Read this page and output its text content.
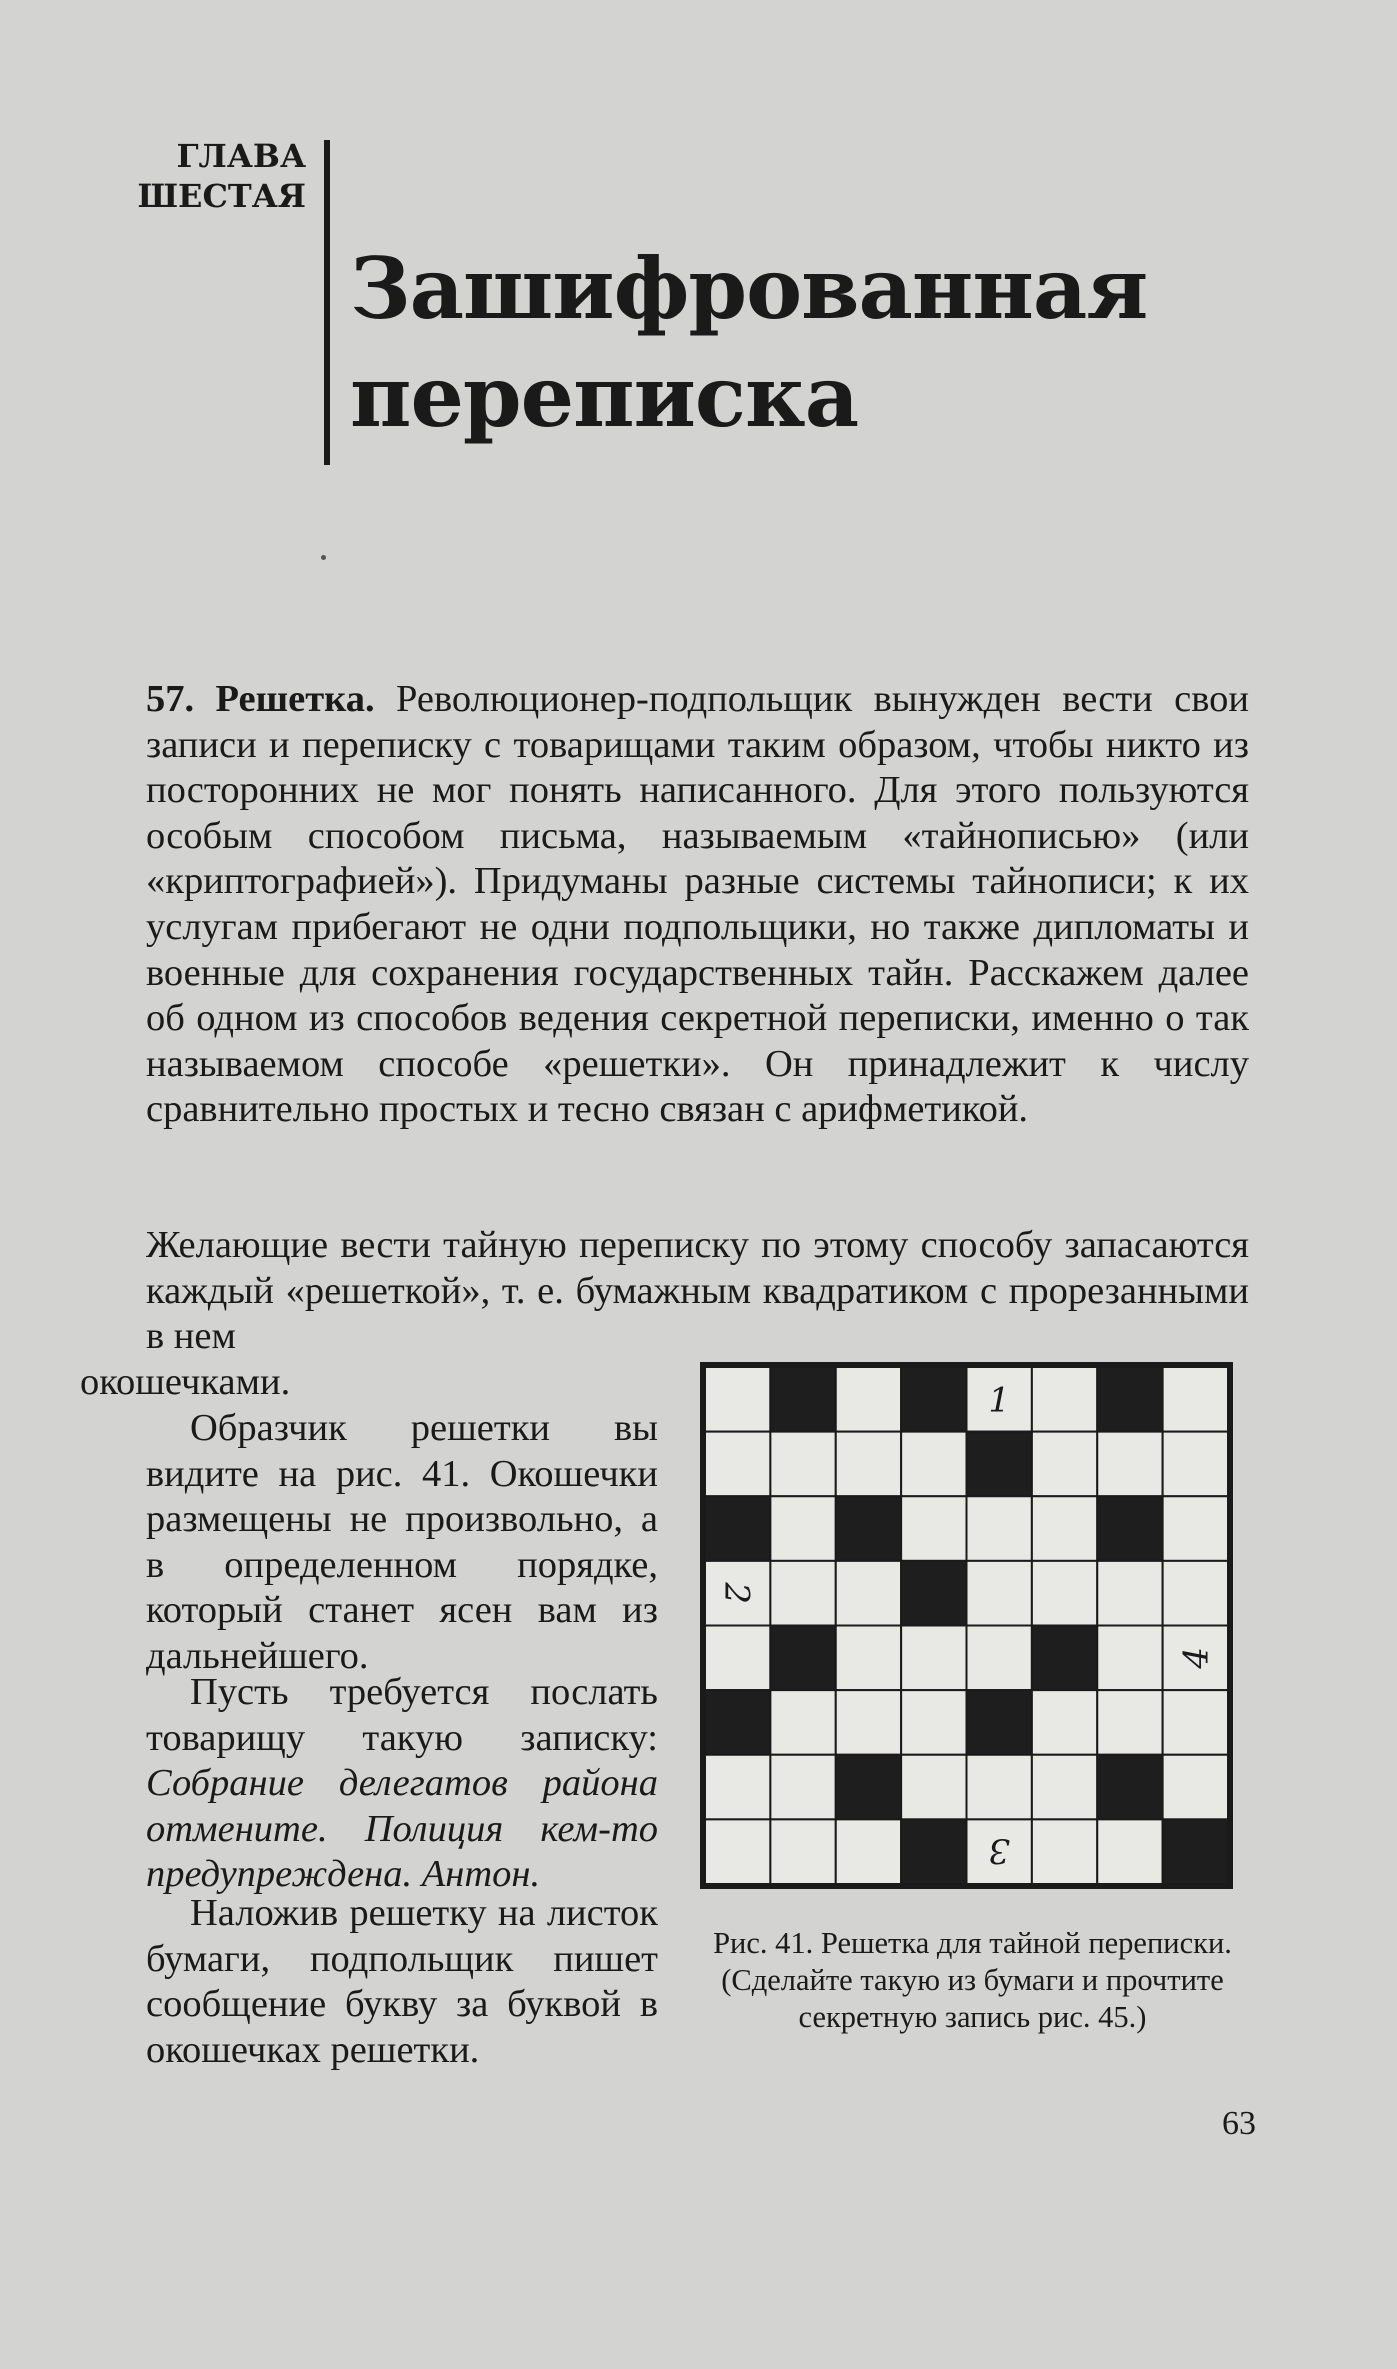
ГЛАВА
ШЕСТАЯ
Зашифрованная
переписка

57. Решетка. Революционер-подпольщик вынужден вести свои записи и переписку с товарищами таким образом, чтобы никто из посторонних не мог понять написанного. Для этого пользуются особым способом письма, называемым «тайнописью» (или «криптографией»). Придуманы разные системы тайнописи; к их услугам прибегают не одни подпольщики, но также дипломаты и военные для сохранения государственных тайн. Расскажем далее об одном из способов ведения секретной переписки, именно о так называемом способе «решетки». Он принадлежит к числу сравнительно простых и тесно связан с арифметикой.

Желающие вести тайную переписку по этому способу запасаются каждый «решеткой», т. е. бумажным квадратиком с прорезанными в нем

окошечками.

Образчик решетки вы видите на рис. 41. Окошечки размещены не произвольно, а в определенном порядке, который станет ясен вам из дальнейшего.

Пусть требуется послать товарищу такую записку: Собрание делегатов района отмените. Полиция кем-то предупреждена. Антон.

Наложив решетку на листок бумаги, подпольщик пишет сообщение букву за буквой в окошечках решетки.

1
2
3
4

Рис. 41. Решетка для тайной переписки. (Сделайте такую из бумаги и прочтите секретную запись рис. 45.)

63
